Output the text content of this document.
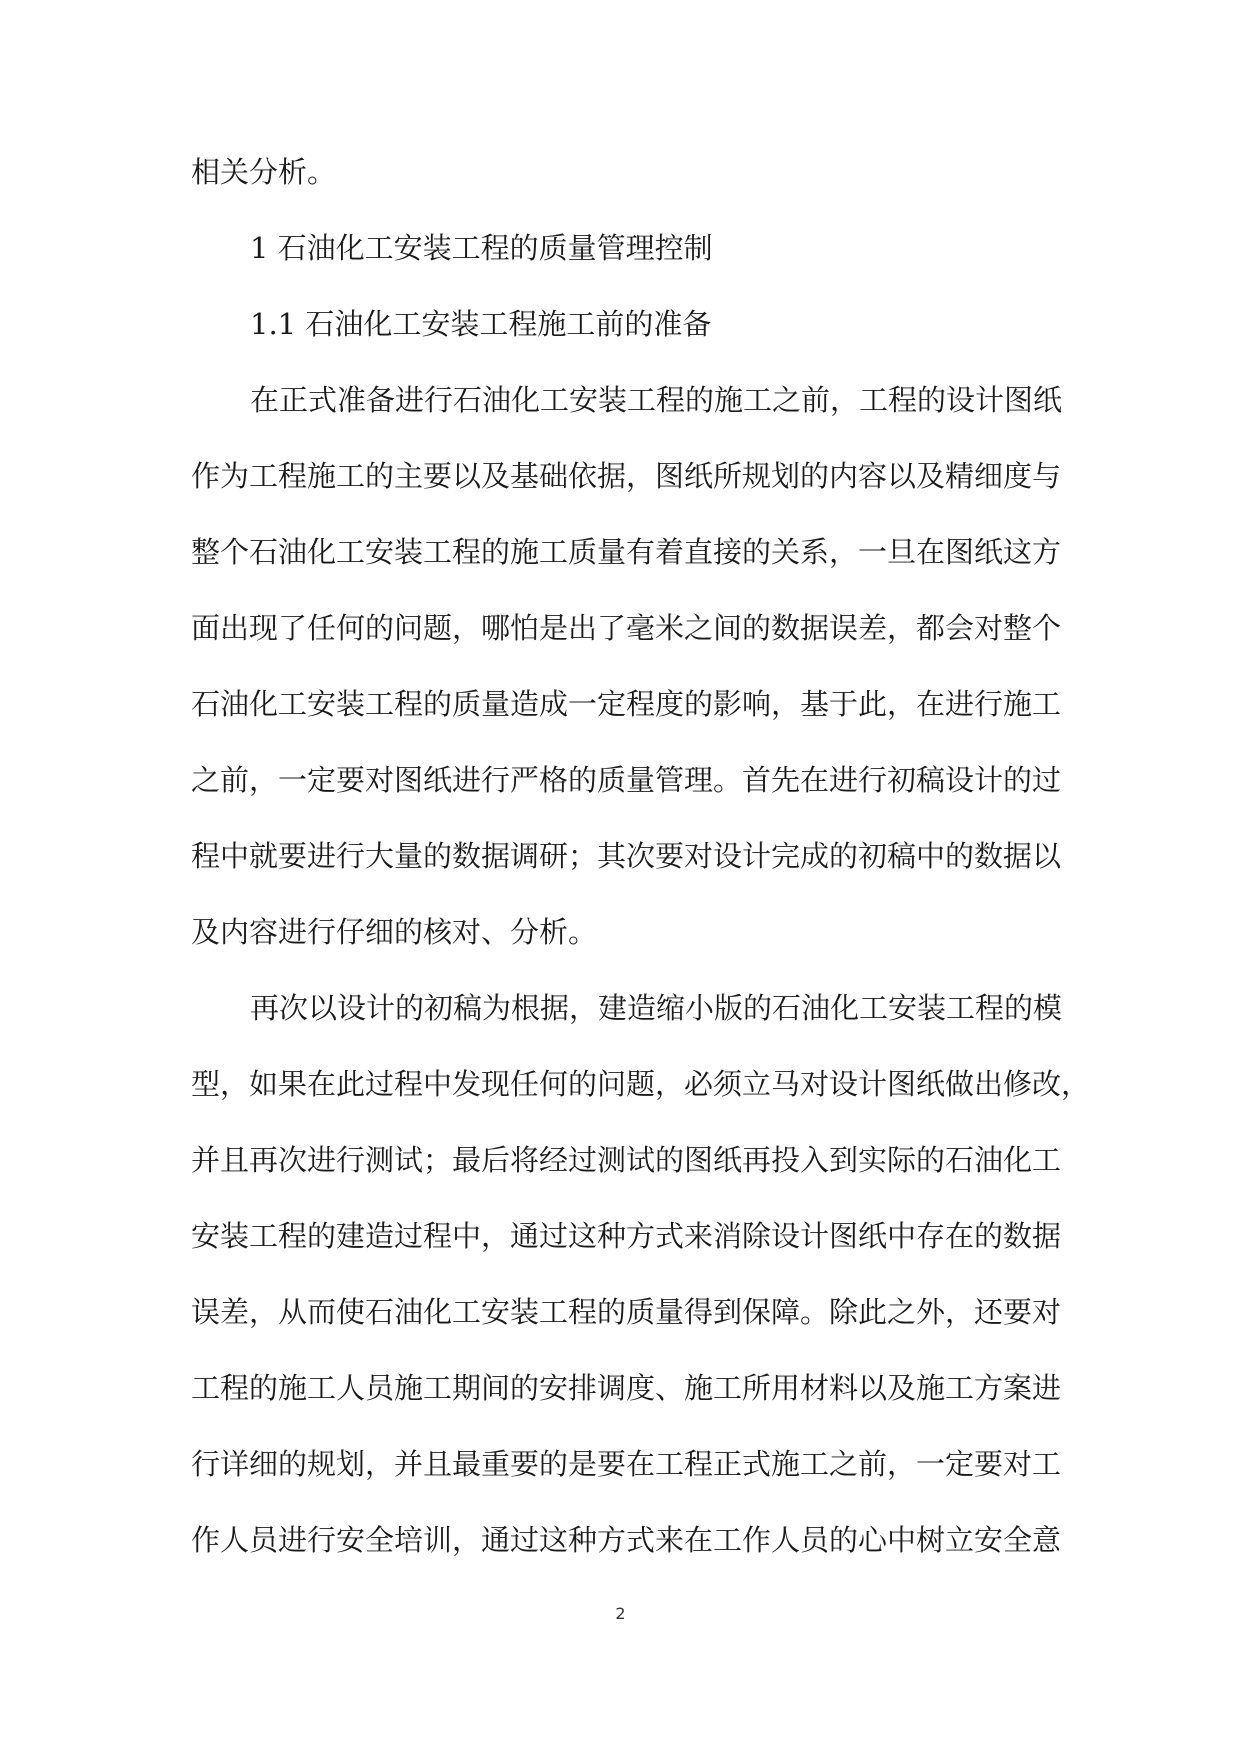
相关分析。
1 石油化工安装工程的质量管理控制
1.1 石油化工安装工程施工前的准备
在正式准备进行石油化工安装工程的施工之前，工程的设计图纸
作为工程施工的主要以及基础依据，图纸所规划的内容以及精细度与
整个石油化工安装工程的施工质量有着直接的关系，一旦在图纸这方
面出现了任何的问题，哪怕是出了毫米之间的数据误差，都会对整个
石油化工安装工程的质量造成一定程度的影响，基于此，在进行施工
之前，一定要对图纸进行严格的质量管理。首先在进行初稿设计的过
程中就要进行大量的数据调研；其次要对设计完成的初稿中的数据以
及内容进行仔细的核对、分析。
再次以设计的初稿为根据，建造缩小版的石油化工安装工程的模
型，如果在此过程中发现任何的问题，必须立马对设计图纸做出修改，
并且再次进行测试；最后将经过测试的图纸再投入到实际的石油化工
安装工程的建造过程中，通过这种方式来消除设计图纸中存在的数据
误差，从而使石油化工安装工程的质量得到保障。除此之外，还要对
工程的施工人员施工期间的安排调度、施工所用材料以及施工方案进
行详细的规划，并且最重要的是要在工程正式施工之前，一定要对工
作人员进行安全培训，通过这种方式来在工作人员的心中树立安全意
2
